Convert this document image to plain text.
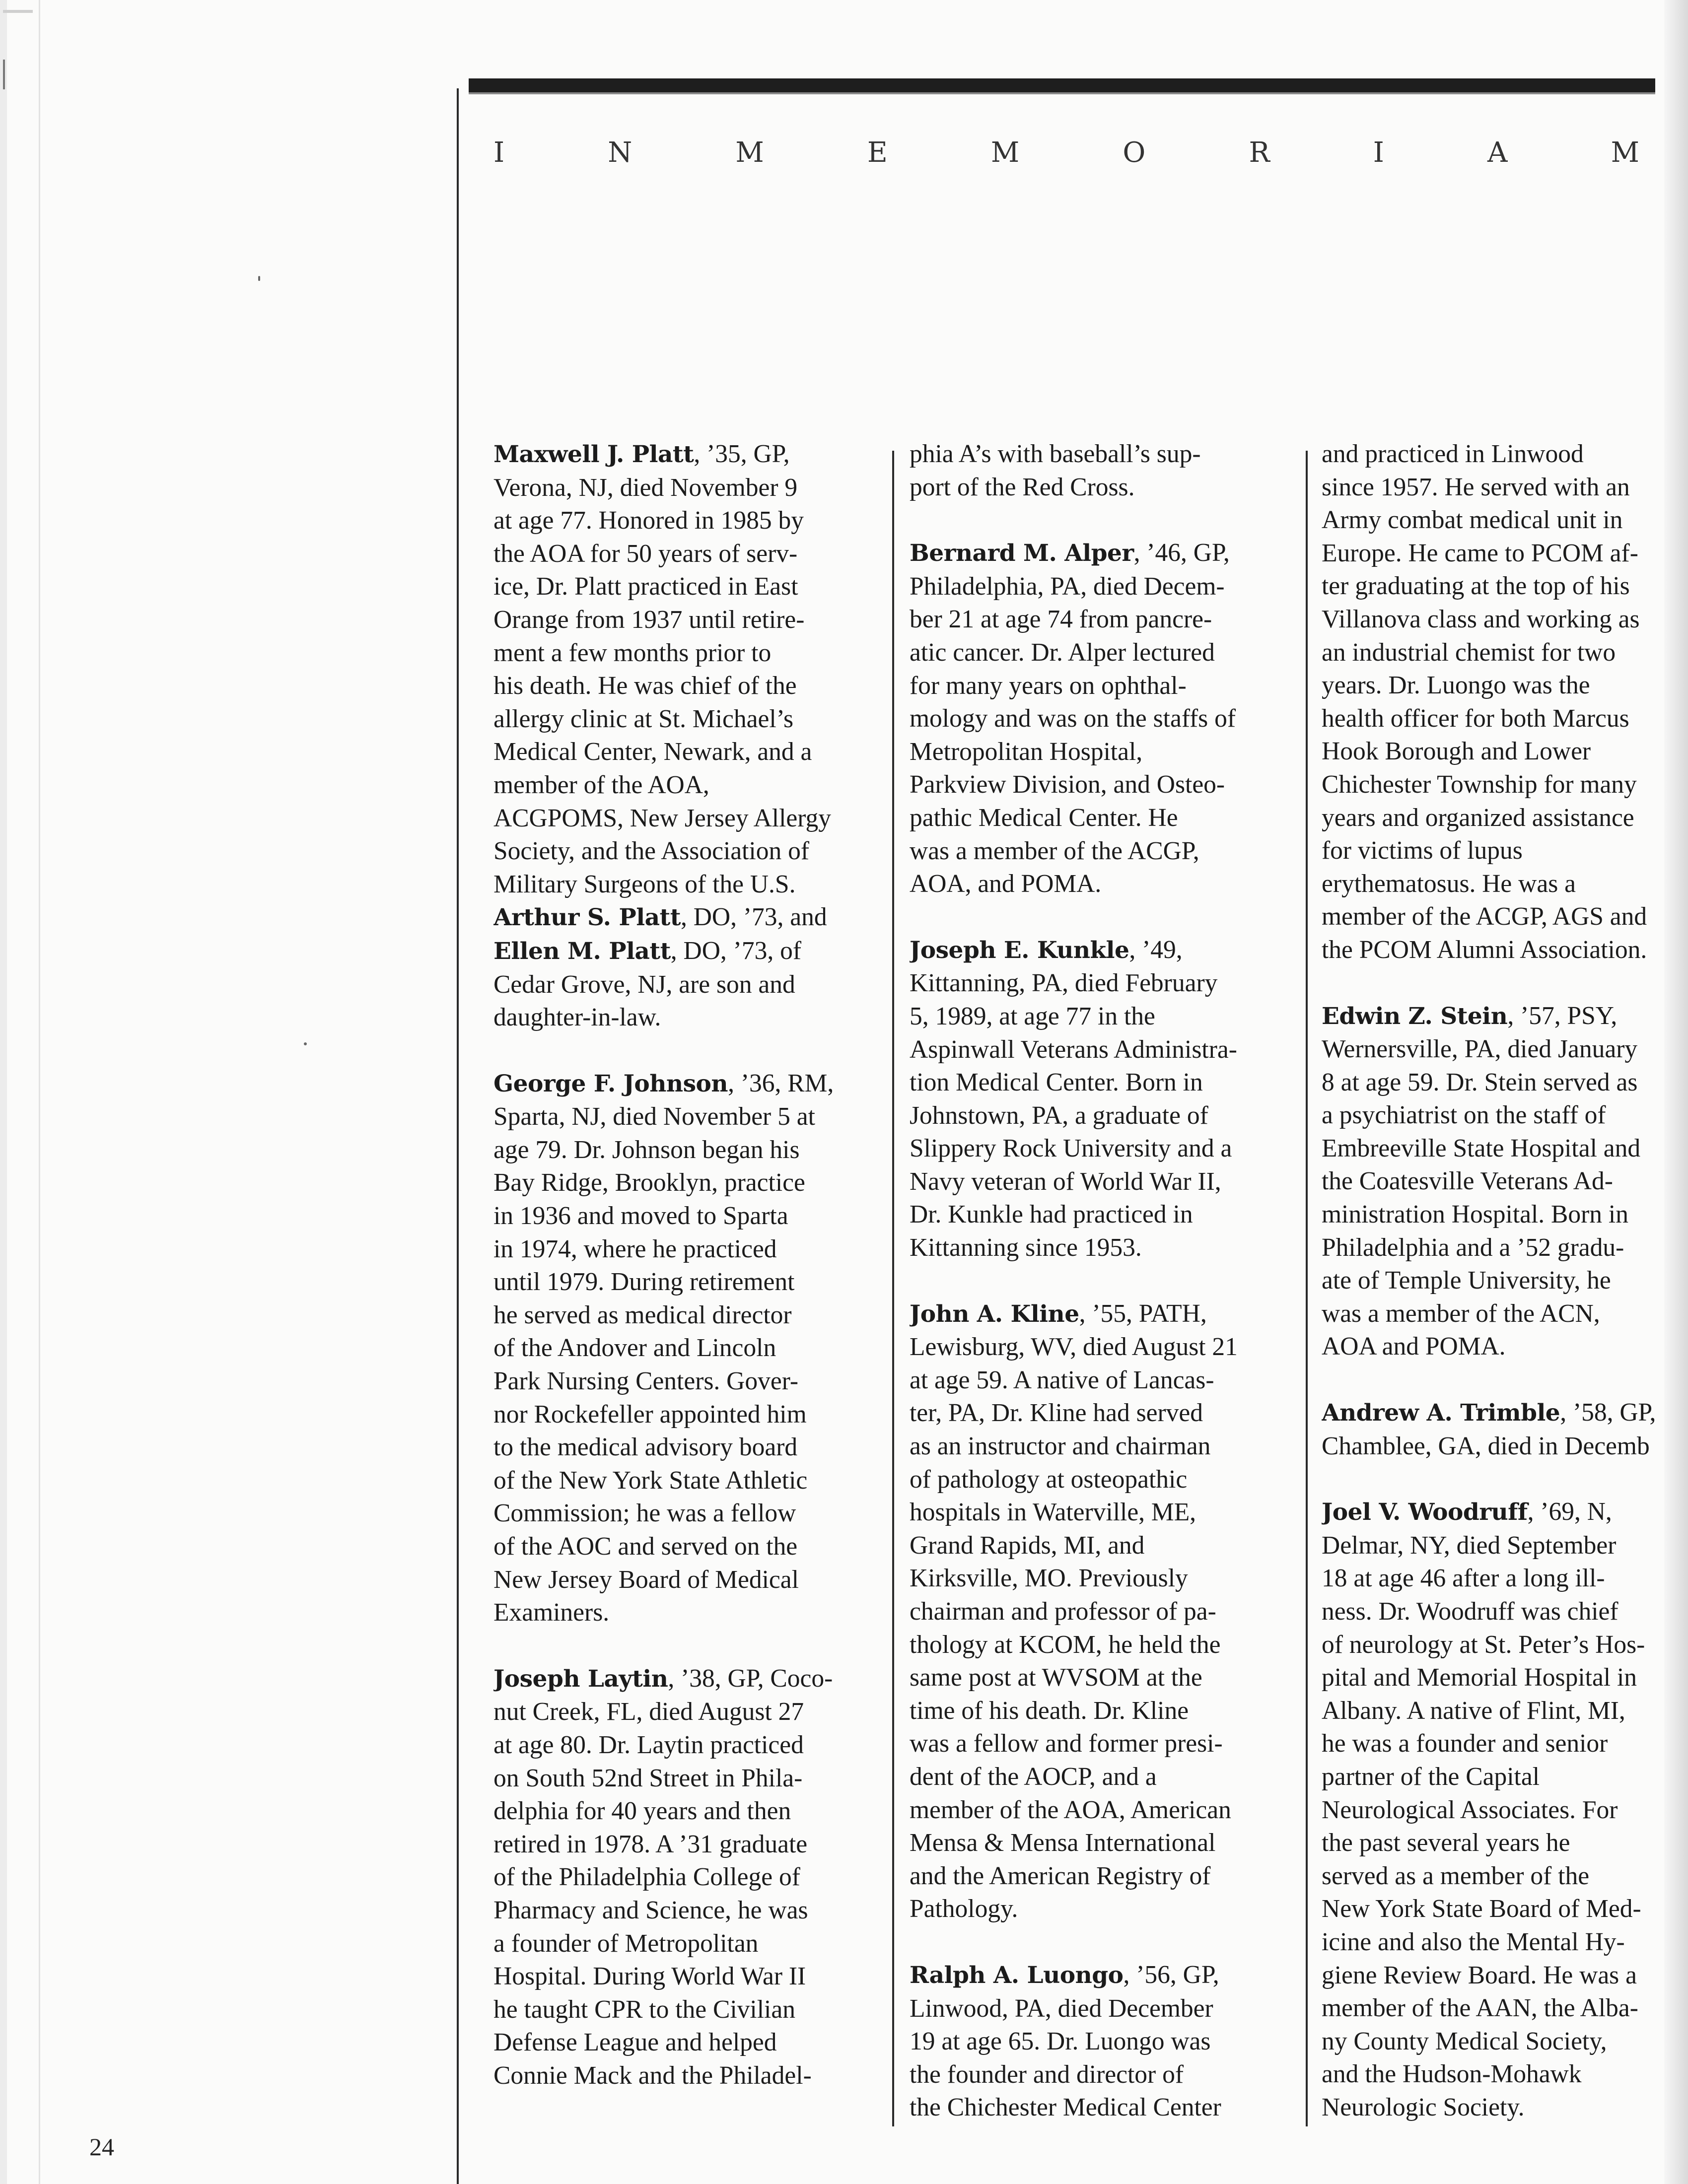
I	N	M	E	M	O	R	I	A	M

Maxwell J. Platt, ’35, GP,
Verona, NJ, died November 9
at age 77. Honored in 1985 by
the AOA for 50 years of serv-
ice, Dr. Platt practiced in East
Orange from 1937 until retire-
ment a few months prior to
his death. He was chief of the
allergy clinic at St. Michael’s
Medical Center, Newark, and a
member of the AOA,
ACGPOMS, New Jersey Allergy
Society, and the Association of
Military Surgeons of the U.S.
Arthur S. Platt, DO, ’73, and
Ellen M. Platt, DO, ’73, of
Cedar Grove, NJ, are son and
daughter-in-law.

George F. Johnson, ’36, RM,
Sparta, NJ, died November 5 at
age 79. Dr. Johnson began his
Bay Ridge, Brooklyn, practice
in 1936 and moved to Sparta
in 1974, where he practiced
until 1979. During retirement
he served as medical director
of the Andover and Lincoln
Park Nursing Centers. Gover-
nor Rockefeller appointed him
to the medical advisory board
of the New York State Athletic
Commission; he was a fellow
of the AOC and served on the
New Jersey Board of Medical
Examiners.

Joseph Laytin, ’38, GP, Coco-
nut Creek, FL, died August 27
at age 80. Dr. Laytin practiced
on South 52nd Street in Phila-
delphia for 40 years and then
retired in 1978. A ’31 graduate
of the Philadelphia College of
Pharmacy and Science, he was
a founder of Metropolitan
Hospital. During World War II
he taught CPR to the Civilian
Defense League and helped
Connie Mack and the Philadel-

phia A’s with baseball’s sup-
port of the Red Cross.

Bernard M. Alper, ’46, GP,
Philadelphia, PA, died Decem-
ber 21 at age 74 from pancre-
atic cancer. Dr. Alper lectured
for many years on ophthal-
mology and was on the staffs of
Metropolitan Hospital,
Parkview Division, and Osteo-
pathic Medical Center. He
was a member of the ACGP,
AOA, and POMA.

Joseph E. Kunkle, ’49,
Kittanning, PA, died February
5, 1989, at age 77 in the
Aspinwall Veterans Administra-
tion Medical Center. Born in
Johnstown, PA, a graduate of
Slippery Rock University and a
Navy veteran of World War II,
Dr. Kunkle had practiced in
Kittanning since 1953.

John A. Kline, ’55, PATH,
Lewisburg, WV, died August 21
at age 59. A native of Lancas-
ter, PA, Dr. Kline had served
as an instructor and chairman
of pathology at osteopathic
hospitals in Waterville, ME,
Grand Rapids, MI, and
Kirksville, MO. Previously
chairman and professor of pa-
thology at KCOM, he held the
same post at WVSOM at the
time of his death. Dr. Kline
was a fellow and former presi-
dent of the AOCP, and a
member of the AOA, American
Mensa & Mensa International
and the American Registry of
Pathology.

Ralph A. Luongo, ’56, GP,
Linwood, PA, died December
19 at age 65. Dr. Luongo was
the founder and director of
the Chichester Medical Center

and practiced in Linwood
since 1957. He served with an
Army combat medical unit in
Europe. He came to PCOM af-
ter graduating at the top of his
Villanova class and working as
an industrial chemist for two
years. Dr. Luongo was the
health officer for both Marcus
Hook Borough and Lower
Chichester Township for many
years and organized assistance
for victims of lupus
erythematosus. He was a
member of the ACGP, AGS and
the PCOM Alumni Association.

Edwin Z. Stein, ’57, PSY,
Wernersville, PA, died January
8 at age 59. Dr. Stein served as
a psychiatrist on the staff of
Embreeville State Hospital and
the Coatesville Veterans Ad-
ministration Hospital. Born in
Philadelphia and a ’52 gradu-
ate of Temple University, he
was a member of the ACN,
AOA and POMA.

Andrew A. Trimble, ’58, GP,
Chamblee, GA, died in Decemb

Joel V. Woodruff, ’69, N,
Delmar, NY, died September
18 at age 46 after a long ill-
ness. Dr. Woodruff was chief
of neurology at St. Peter’s Hos-
pital and Memorial Hospital in
Albany. A native of Flint, MI,
he was a founder and senior
partner of the Capital
Neurological Associates. For
the past several years he
served as a member of the
New York State Board of Med-
icine and also the Mental Hy-
giene Review Board. He was a
member of the AAN, the Alba-
ny County Medical Society,
and the Hudson-Mohawk
Neurologic Society.

24
